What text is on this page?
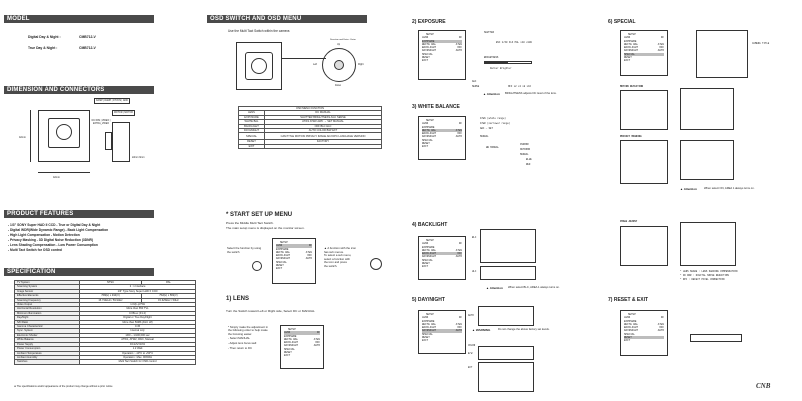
MODEL
Digital Day & Night :	CMB712-V
True Day & Night :	CMB712-V
DIMENSION AND CONNECTORS
DAMP | DAMP | OTVOS | GND
MOTOR | MOTOR
DC IRIS | VIDEO | EXTRA_VIDEO
42mm
42mm
22mm 9mm
PRODUCT FEATURES
- 1/3" SONY Super HAD II CCD - True or Digital Day & Night
- Digital WDR(Wide Dynamic Range) - Back Light Compensation
- High Light Compensation - Motion Detection
- Privacy Masking - 3D Digital Noise Reduction (3DNR)
- Lens Shading Compensation - Low Power Consumption
- Multi Tact Switch for OSD control
SPECIFICATION
TV System	NTSC	PAL
Scanning System	2 : 1 Interlace	
Image Sensor	1/3" Type Sony Super HAD II CCD	
Effective Elements	768(H) x 494(V)	752(H) x 582(V)
Scanning Frequency	15.734kHz / 59.94Hz	15.625kHz / 50Hz
Video Output	1.0Vp-p/75Ω	
Horizontal Resolution	More than 650 TVL	
Minimum Illumination	0.05Lux (F1.2)	
Day/Night	Digital or True Day/Night	
S/N Ratio	More than 50dB (AGC off)	
Gamma Characteristic	0.45	
Sync. System	Internal only	
Electronic Shutter	1/60 ~ 1/100,000 sec	
White Balance	ATW1, ATW2, AWC, Manual	
Power Supply	DC12V±10%	
Power Consumption	1.2 Watt	
Ambient Temperature	Operation : -10°C to +50°C	
Ambient Humidity	Operation : Max. 90%RH	
Switches	Multi Tact Switch for OSD control	
※ The specifications and/or appearance of the product may change without a prior notice
OSD SWITCH AND OSD MENU
Use the Multi Tact Switch within the camera
Direction and Enter : Enter
Up
Down
Left	Right
OSD MENU FUNCTION	
LENS	DC MANUAL
EXPOSURE	SHUTTER BRIGHTNESS AGC SENSE
WHITE BAL	ATW1 ATW2 AWC → SET MANUAL
BACKLIGHT	OFF BLC HLC
DAY&NIGHT	AUTO COLOR B/W EXT
SPECIAL	CAM TITLE MOTION PRIVACY IMAGE ADJ DPC LANGUAGE VERSION
RESET	FACTORY
EXIT	
* START SET UP MENU
Press the Middle Multi Tact Switch.
The main setup menu is displayed on the monitor screen.
Select the function by using the switch
SETUP
LENS	DC
EXPOSURE
WHITE BAL	ATW1
BACKLIGHT	OFF
DAY&NIGHT	AUTO
SPECIAL
RESET
EXIT
▲ A function with the icon
has sub menus.
To select a sub menu,
select a function with
the icon and press
the switch.
1) LENS
Turn the Switch toward Left or Right side, Select DC or MANUAL
* Simply make the adjustment in the following order to help make the focusing easier.
- Select MANUAL
- Adjust lens focus well
- Then return to DC
SETUP
LENS	DC
EXPOSURE
WHITE BAL	ATW1
BACKLIGHT	OFF
DAY&NIGHT	AUTO
SPECIAL
RESET
EXIT
2) EXPOSURE
SETUP
LENS	DC
EXPOSURE
WHITE BAL	ATW1
BACKLIGHT	OFF
DAY&NIGHT	AUTO
SPECIAL
RESET
EXIT
SHUTTER
ESC 1/60 FLK PAL x10 x100
BRIGHTNESS
Darker Brighter
AGC
SENSE	OFF x2 x4 x8 x16
▲ Attention BRIGHTNESS adjusts DC level of the lens.
3) WHITE BALANCE
SETUP
LENS	DC
EXPOSURE
WHITE BAL	ATW1
BACKLIGHT	OFF
DAY&NIGHT	AUTO
SPECIAL
RESET
EXIT
ATW1 (white range)
ATW2 (narrower range)
AWC → SET
MANUAL
WB MANUAL
INDOOR
OUTDOOR
MANUAL
BLUE
RED
4) BACKLIGHT
SETUP
LENS	DC
EXPOSURE
WHITE BAL	ATW1
BACKLIGHT	OFF
DAY&NIGHT	AUTO
SPECIAL
RESET
EXIT
BLC
HLC
▲ Attention When select BLC, AREA 1 always turns on.
5) DAY/NIGHT
SETUP
LENS	DC
EXPOSURE
WHITE BAL	ATW1
BACKLIGHT	OFF
DAY&NIGHT	AUTO
SPECIAL
RESET
EXIT
AUTO
COLOR
B/W
EXT
▲ WARNING	Do not change the above factory set levels.
6) SPECIAL
SETUP
LENS	DC
EXPOSURE
WHITE BAL	ATW1
BACKLIGHT	OFF
DAY&NIGHT	AUTO
SPECIAL
RESET
EXIT
CAMERA TITLE
MOTION DETECTION
PRIVACY MASKING
▲ Attention	When select ON, AREA 1 always turns on.
IMAGE ADJUST
* LENS SHADE : LENS SHADING COMPENSATION
* 3D DNR : DIGITAL NOISE REDUCTION
* DPC : DEFECT PIXEL CORRECTION
7) RESET & EXIT
SETUP
LENS	DC
EXPOSURE
WHITE BAL	ATW1
BACKLIGHT	OFF
DAY&NIGHT	AUTO
SPECIAL
RESET
EXIT
CNB
